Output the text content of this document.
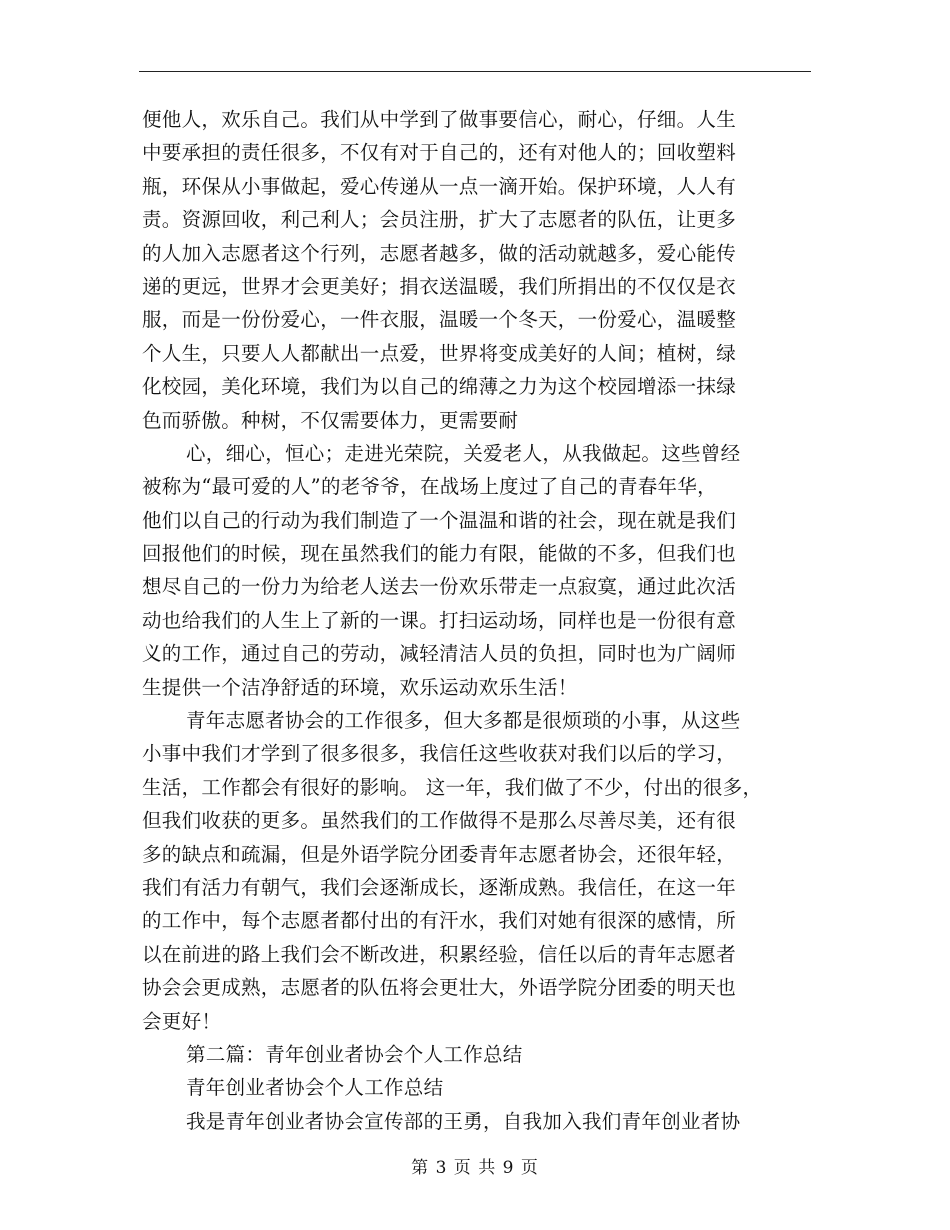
便他人，欢乐自己。我们从中学到了做事要信心，耐心，仔细。人生
中要承担的责任很多，不仅有对于自己的，还有对他人的；回收塑料
瓶，环保从小事做起，爱心传递从一点一滴开始。保护环境，人人有
责。资源回收，利己利人；会员注册，扩大了志愿者的队伍，让更多
的人加入志愿者这个行列，志愿者越多，做的活动就越多，爱心能传
递的更远，世界才会更美好；捐衣送温暖，我们所捐出的不仅仅是衣
服，而是一份份爱心，一件衣服，温暖一个冬天，一份爱心，温暖整
个人生，只要人人都献出一点爱，世界将变成美好的人间；植树，绿
化校园，美化环境，我们为以自己的绵薄之力为这个校园增添一抹绿
色而骄傲。种树，不仅需要体力，更需要耐
心，细心，恒心；走进光荣院，关爱老人，从我做起。这些曾经
被称为“最可爱的人”的老爷爷，在战场上度过了自己的青春年华，
他们以自己的行动为我们制造了一个温温和谐的社会，现在就是我们
回报他们的时候，现在虽然我们的能力有限，能做的不多，但我们也
想尽自己的一份力为给老人送去一份欢乐带走一点寂寞，通过此次活
动也给我们的人生上了新的一课。打扫运动场，同样也是一份很有意
义的工作，通过自己的劳动，减轻清洁人员的负担，同时也为广阔师
生提供一个洁净舒适的环境，欢乐运动欢乐生活！
青年志愿者协会的工作很多，但大多都是很烦琐的小事，从这些
小事中我们才学到了很多很多，我信任这些收获对我们以后的学习，
生活，工作都会有很好的影响。 这一年，我们做了不少，付出的很多，
但我们收获的更多。虽然我们的工作做得不是那么尽善尽美，还有很
多的缺点和疏漏，但是外语学院分团委青年志愿者协会，还很年轻，
我们有活力有朝气，我们会逐渐成长，逐渐成熟。我信任，在这一年
的工作中，每个志愿者都付出的有汗水，我们对她有很深的感情，所
以在前进的路上我们会不断改进，积累经验，信任以后的青年志愿者
协会会更成熟，志愿者的队伍将会更壮大，外语学院分团委的明天也
会更好！
第二篇：青年创业者协会个人工作总结
青年创业者协会个人工作总结
我是青年创业者协会宣传部的王勇，自我加入我们青年创业者协
第 3 页 共 9 页
